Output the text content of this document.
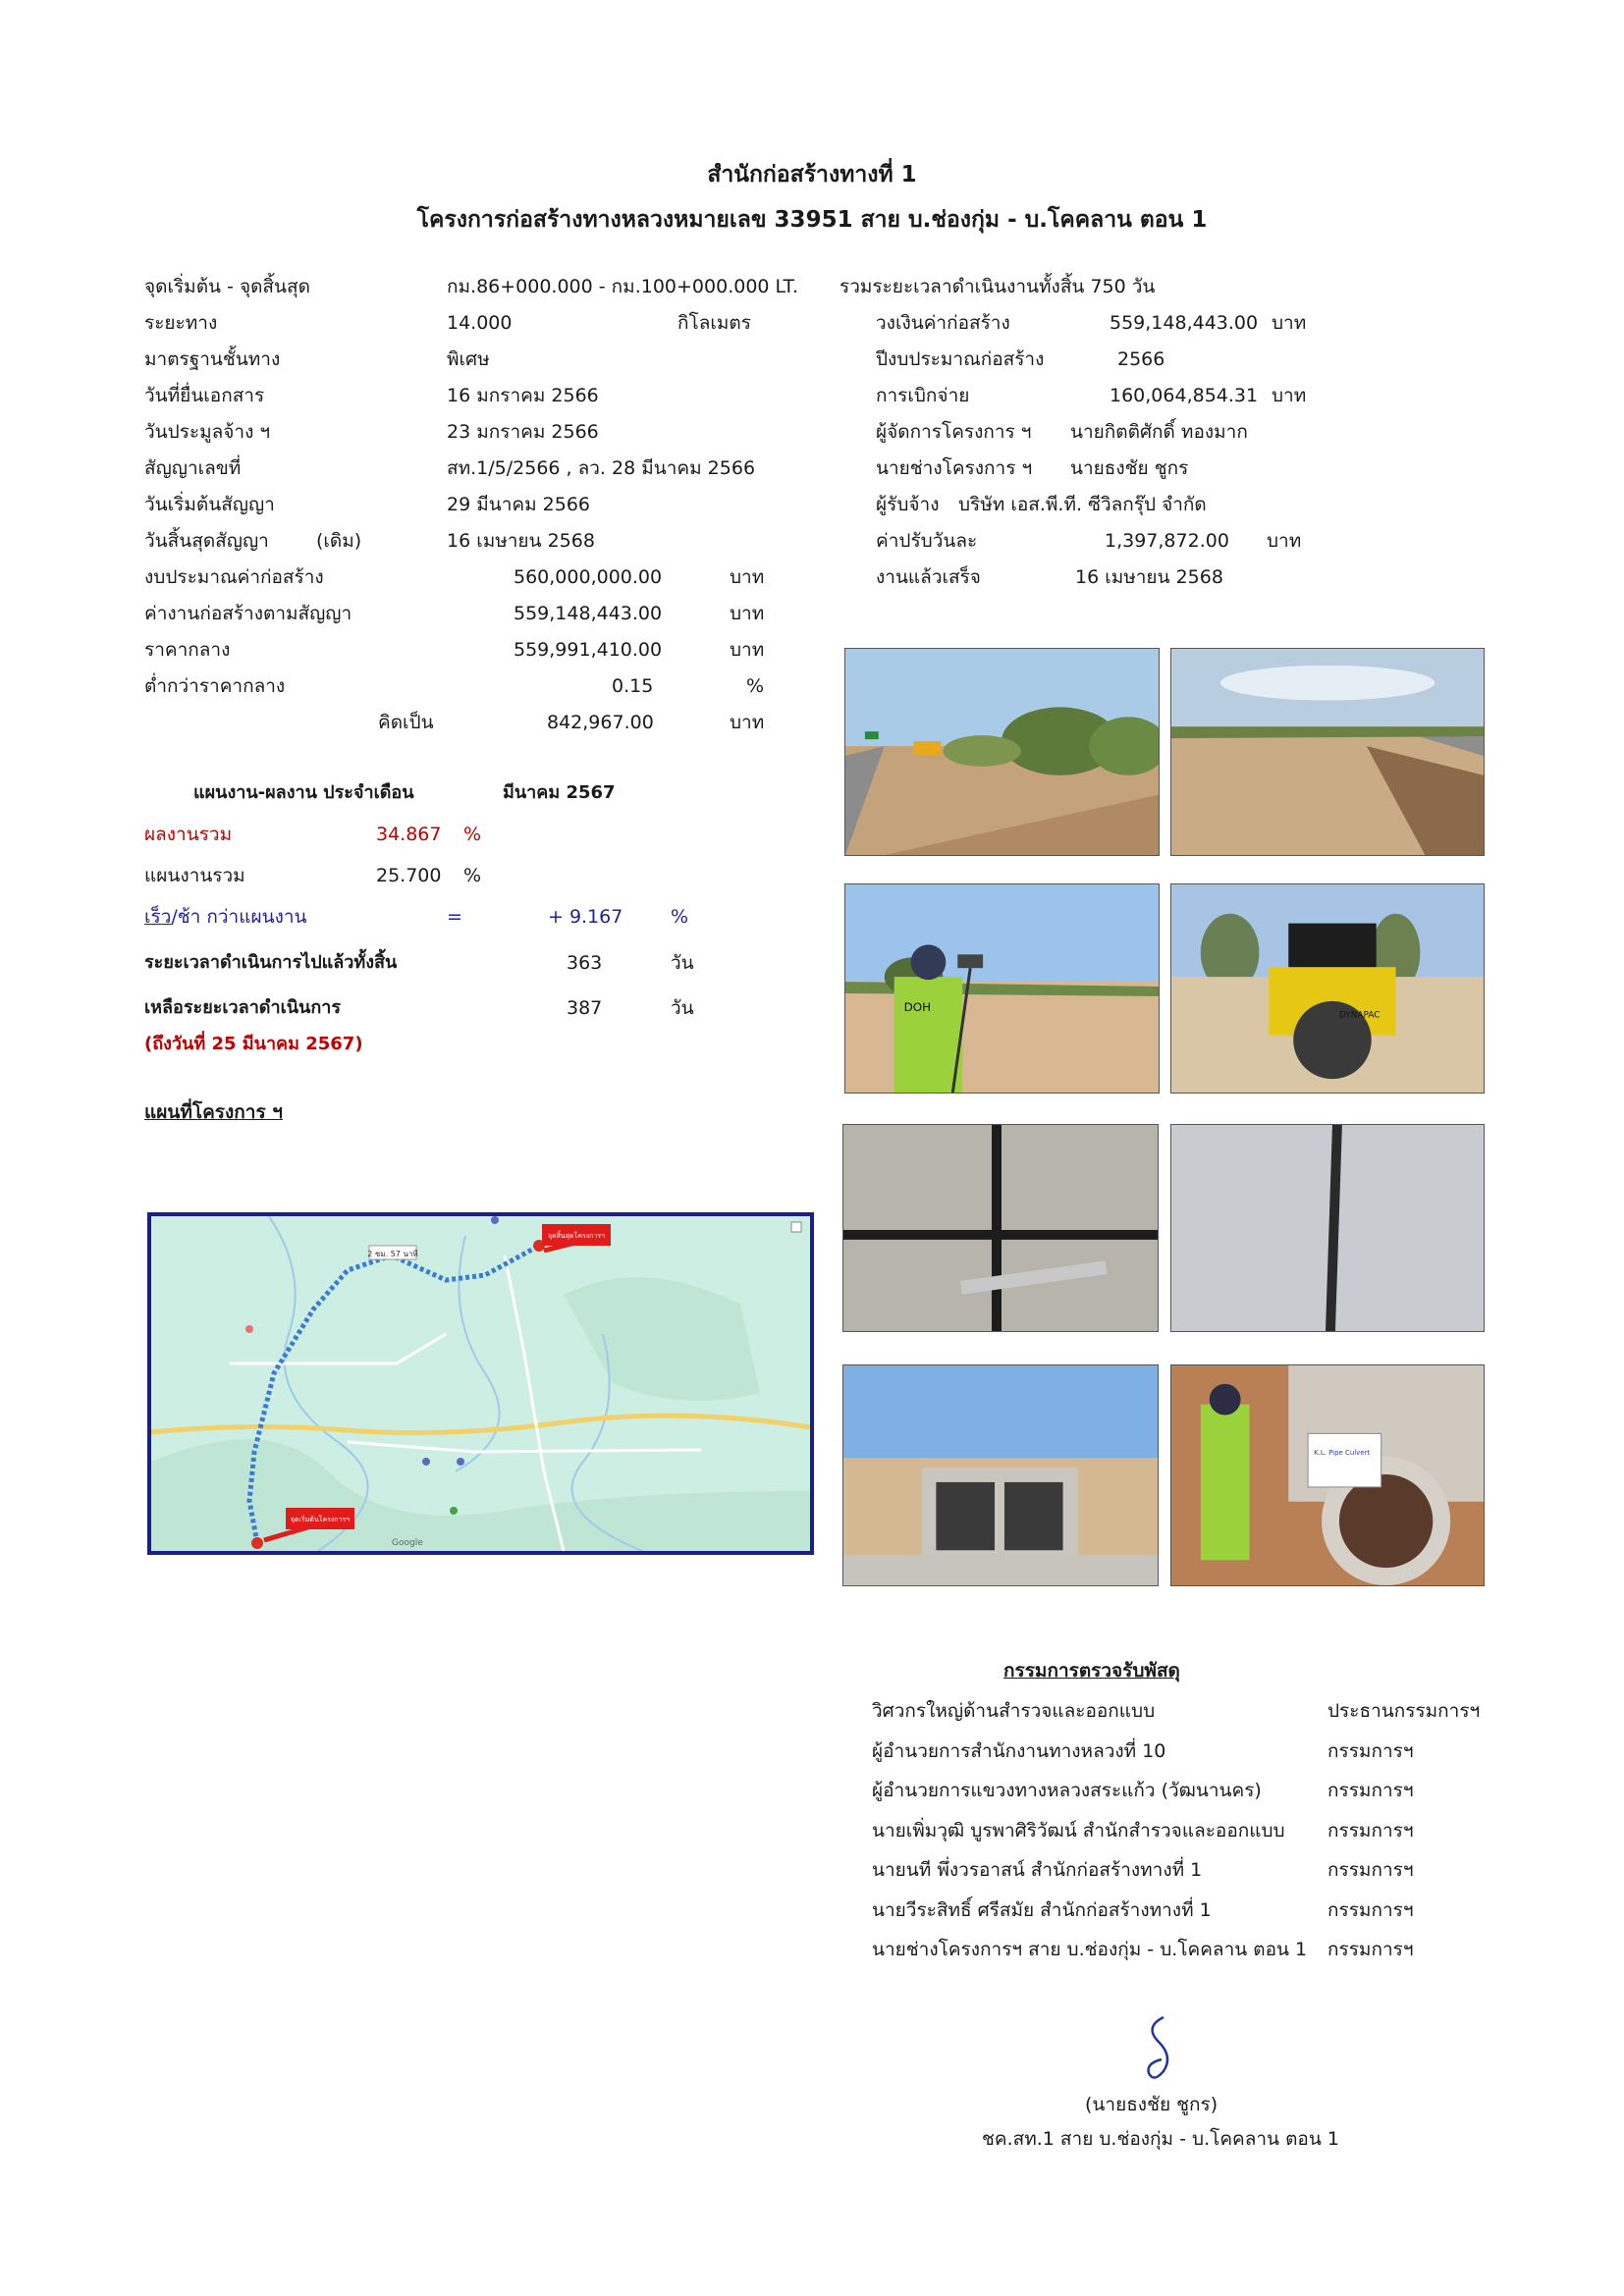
สำนักก่อสร้างทางที่ 1
โครงการก่อสร้างทางหลวงหมายเลข 33951 สาย บ.ช่องกุ่ม - บ.โคคลาน ตอน 1
จุดเริ่มต้น - จุดสิ้นสุด	กม.86+000.000 - กม.100+000.000 LT.
ระยะทาง	14.000	กิโลเมตร
มาตรฐานชั้นทาง	พิเศษ
วันที่ยื่นเอกสาร	16 มกราคม 2566
วันประมูลจ้าง ฯ	23 มกราคม 2566
สัญญาเลขที่	สท.1/5/2566 , ลว. 28 มีนาคม 2566
วันเริ่มต้นสัญญา	29 มีนาคม 2566
วันสิ้นสุดสัญญา	(เดิม)	16 เมษายน 2568
รวมระยะเวลาดำเนินงานทั้งสิ้น 750 วัน
วงเงินค่าก่อสร้าง	559,148,443.00 บาท
ปีงบประมาณก่อสร้าง	2566
การเบิกจ่าย	160,064,854.31 บาท
ผู้จัดการโครงการ ฯ นายกิตติศักดิ์ ทองมาก
นายช่างโครงการ ฯ นายธงชัย ชูกร
ผู้รับจ้าง บริษัท เอส.พี.ที. ซีวิลกรุ๊ป จำกัด
ค่าปรับวันละ	1,397,872.00 บาท
งานแล้วเสร็จ	16 เมษายน 2568
งบประมาณค่าก่อสร้าง	560,000,000.00	บาท
ค่างานก่อสร้างตามสัญญา	559,148,443.00	บาท
ราคากลาง	559,991,410.00	บาท
ต่ำกว่าราคากลาง	0.15	%
คิดเป็น	842,967.00	บาท
แผนงาน-ผลงาน ประจำเดือน	มีนาคม 2567
ผลงานรวม	34.867 %
แผนงานรวม	25.700 %
เร็ว/ช้า กว่าแผนงาน	=	+ 9.167	%
ระยะเวลาดำเนินการไปแล้วทั้งสิ้น	363	วัน
เหลือระยะเวลาดำเนินการ	387	วัน
(ถึงวันที่ 25 มีนาคม 2567)
แผนที่โครงการ ฯ
จุดสิ้นสุดโครงการฯ
จุดเริ่มต้นโครงการฯ
2 ชม. 57 นาที
Google
DOH
DYNAPAC
K.L. Pipe Culvert
กรรมการตรวจรับพัสดุ
วิศวกรใหญ่ด้านสำรวจและออกแบบ	ประธานกรรมการฯ
ผู้อำนวยการสำนักงานทางหลวงที่ 10	กรรมการฯ
ผู้อำนวยการแขวงทางหลวงสระแก้ว (วัฒนานคร)	กรรมการฯ
นายเพิ่มวุฒิ บูรพาศิริวัฒน์ สำนักสำรวจและออกแบบ กรรมการฯ
นายนที พึ่งวรอาสน์ สำนักก่อสร้างทางที่ 1	กรรมการฯ
นายวีระสิทธิ์ ศรีสมัย สำนักก่อสร้างทางที่ 1	กรรมการฯ
นายช่างโครงการฯ สาย บ.ช่องกุ่ม - บ.โคคลาน ตอน 1 กรรมการฯ
(นายธงชัย ชูกร)
ชค.สท.1 สาย บ.ช่องกุ่ม - บ.โคคลาน ตอน 1
